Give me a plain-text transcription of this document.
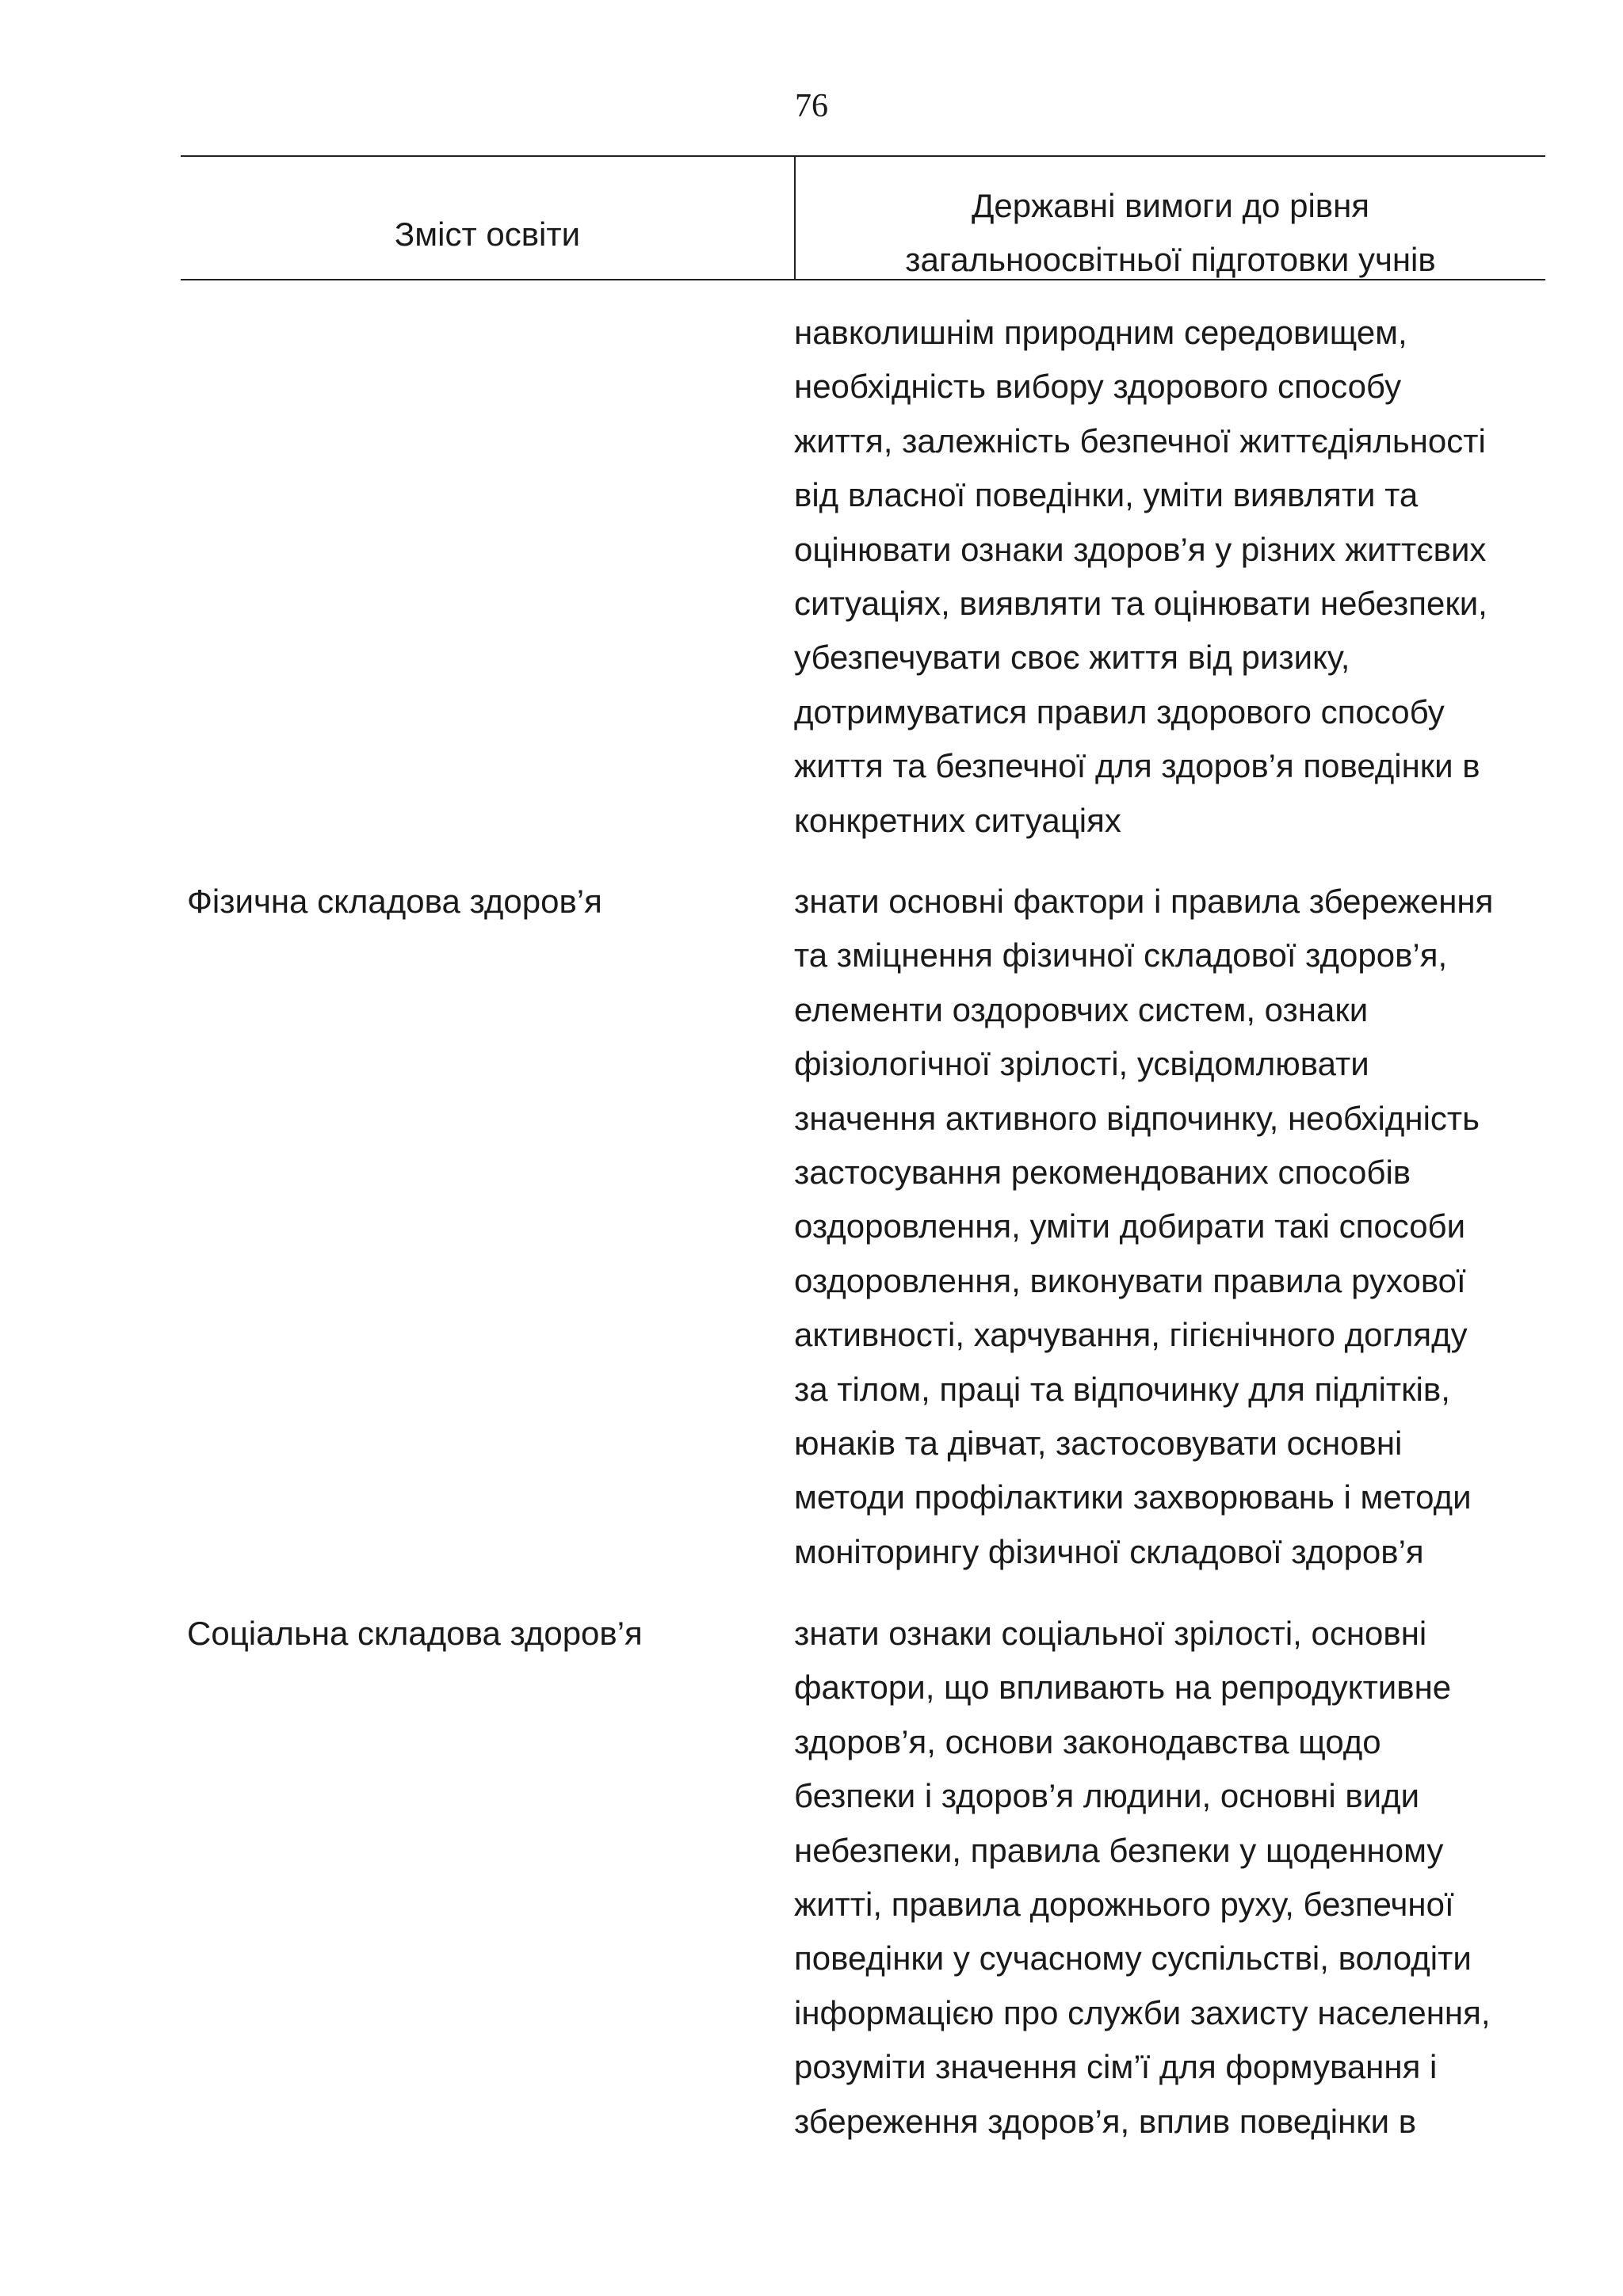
76
Зміст освіти
Державні вимоги до рівня
загальноосвітньої підготовки учнів
навколишнім природним середовищем,
необхідність вибору здорового способу
життя, залежність безпечної життєдіяльності
від власної поведінки, уміти виявляти та
оцінювати ознаки здоров’я у різних життєвих
ситуаціях, виявляти та оцінювати небезпеки,
убезпечувати своє життя від ризику,
дотримуватися правил здорового способу
життя та безпечної для здоров’я поведінки в
конкретних ситуаціях
Фізична складова здоров’я	знати основні фактори і правила збереження
та зміцнення фізичної складової здоров’я,
елементи оздоровчих систем, ознаки
фізіологічної зрілості, усвідомлювати
значення активного відпочинку, необхідність
застосування рекомендованих способів
оздоровлення, уміти добирати такі способи
оздоровлення, виконувати правила рухової
активності, харчування, гігієнічного догляду
за тілом, праці та відпочинку для підлітків,
юнаків та дівчат, застосовувати основні
методи профілактики захворювань і методи
моніторингу фізичної складової здоров’я
Соціальна складова здоров’я	знати ознаки соціальної зрілості, основні
фактори, що впливають на репродуктивне
здоров’я, основи законодавства щодо
безпеки і здоров’я людини, основні види
небезпеки, правила безпеки у щоденному
житті, правила дорожнього руху, безпечної
поведінки у сучасному суспільстві, володіти
інформацією про служби захисту населення,
розуміти значення сім’ї для формування і
збереження здоров’я, вплив поведінки в
